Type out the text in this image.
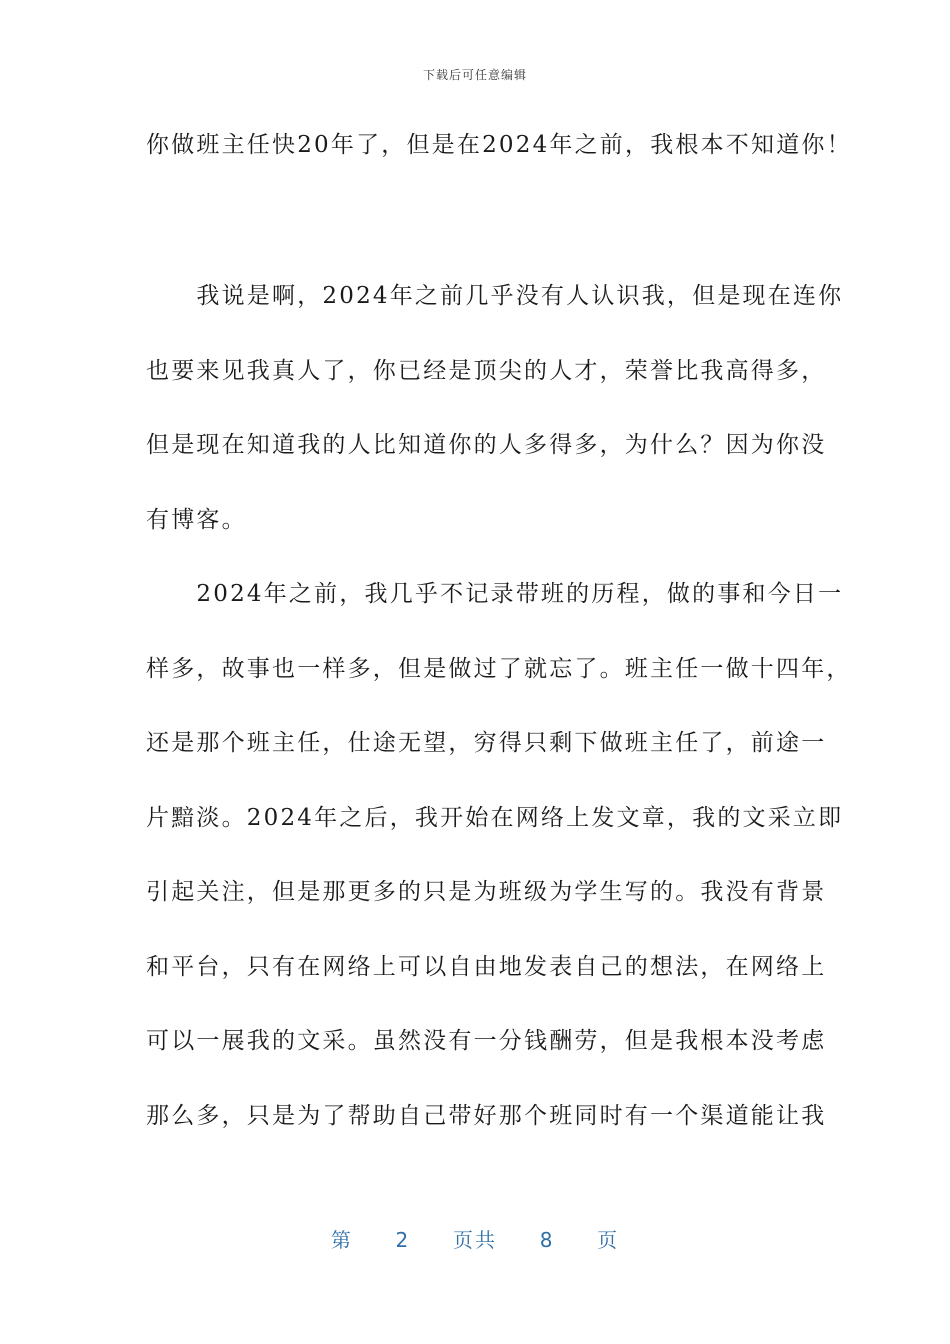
下载后可任意编辑
你做班主任快20年了，但是在2024年之前，我根本不知道你！
　　我说是啊，2024年之前几乎没有人认识我，但是现在连你
也要来见我真人了，你已经是顶尖的人才，荣誉比我高得多，
但是现在知道我的人比知道你的人多得多，为什么？因为你没
有博客。
　　2024年之前，我几乎不记录带班的历程，做的事和今日一
样多，故事也一样多，但是做过了就忘了。班主任一做十四年，
还是那个班主任，仕途无望，穷得只剩下做班主任了，前途一
片黯淡。2024年之后，我开始在网络上发文章，我的文采立即
引起关注，但是那更多的只是为班级为学生写的。我没有背景
和平台，只有在网络上可以自由地发表自己的想法，在网络上
可以一展我的文采。虽然没有一分钱酬劳，但是我根本没考虑
那么多，只是为了帮助自己带好那个班同时有一个渠道能让我
第 2 页共 8 页
